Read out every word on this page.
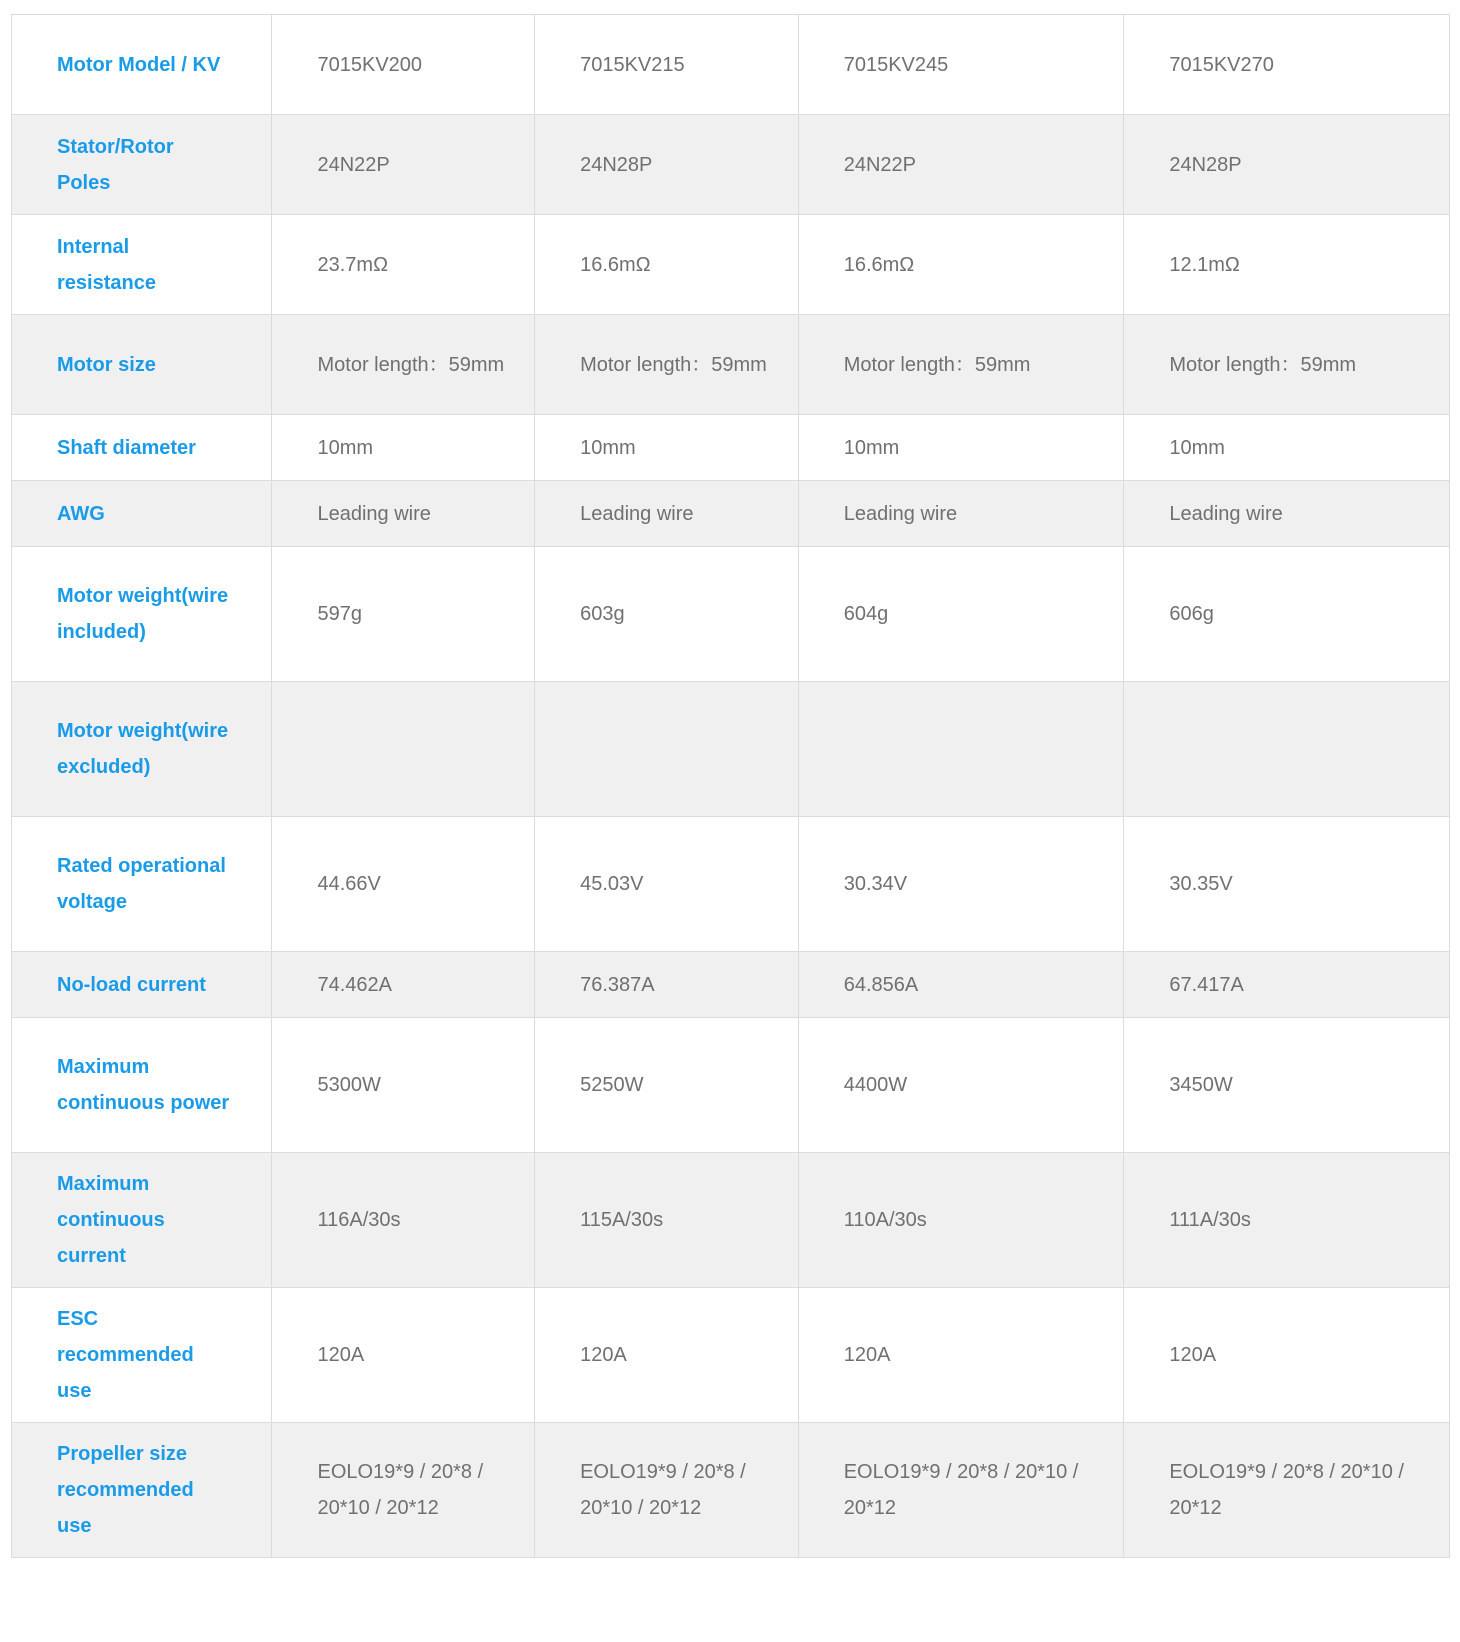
Motor Model / KV	7015KV200	7015KV215	7015KV245	7015KV270
Stator/Rotor Poles	24N22P	24N28P	24N22P	24N28P
Internal resistance	23.7mΩ	16.6mΩ	16.6mΩ	12.1mΩ
Motor size	Motor length：59mm	Motor length：59mm	Motor length：59mm	Motor length：59mm
Shaft diameter	10mm	10mm	10mm	10mm
AWG	Leading wire	Leading wire	Leading wire	Leading wire
Motor weight(wire included)	597g	603g	604g	606g
Motor weight(wire excluded)				
Rated operational voltage	44.66V	45.03V	30.34V	30.35V
No-load current	74.462A	76.387A	64.856A	67.417A
Maximum continuous power	5300W	5250W	4400W	3450W
Maximum continuous current	116A/30s	115A/30s	110A/30s	111A/30s
ESC recommended use	120A	120A	120A	120A
Propeller size recommended use	EOLO19*9 / 20*8 / 20*10 / 20*12	EOLO19*9 / 20*8 / 20*10 / 20*12	EOLO19*9 / 20*8 / 20*10 / 20*12	EOLO19*9 / 20*8 / 20*10 / 20*12
